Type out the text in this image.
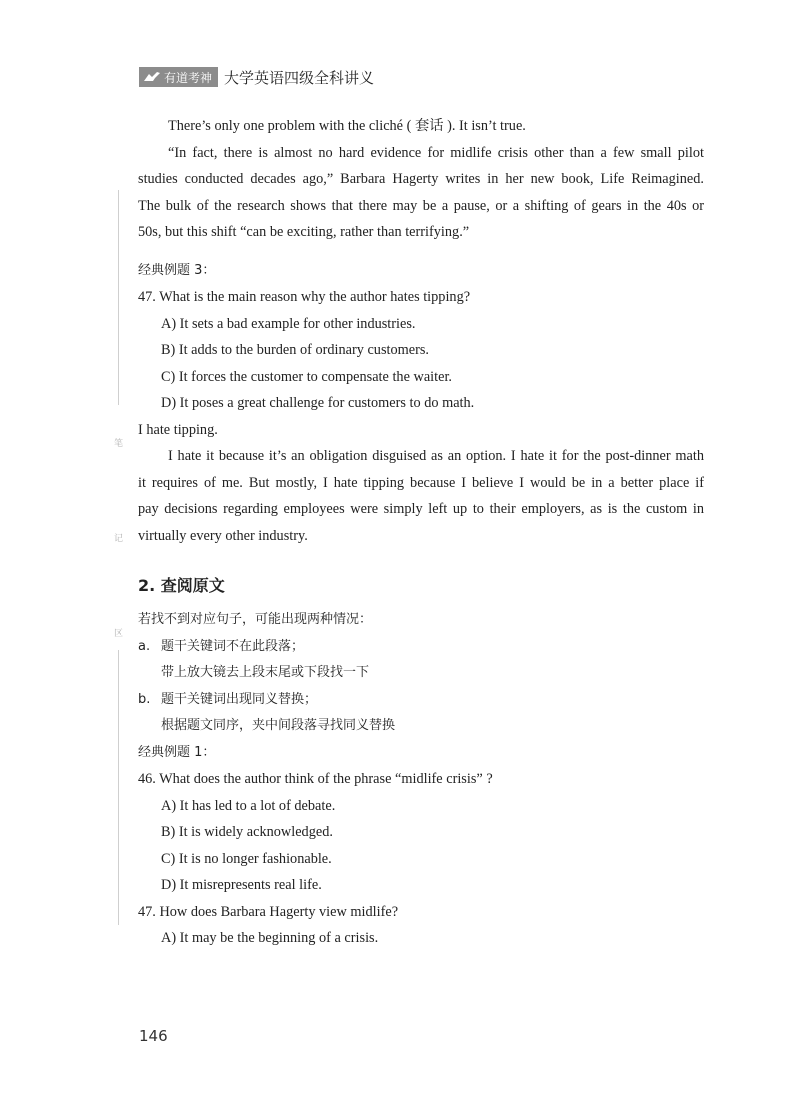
有道考神 大学英语四级全科讲义
笔
记
区
There’s only one problem with the cliché ( 套话 ). It isn’t true.
“In fact, there is almost no hard evidence for midlife crisis other than a few small pilot
studies conducted decades ago,” Barbara Hagerty writes in her new book, Life Reimagined.
The bulk of the research shows that there may be a pause, or a shifting of gears in the 40s or
50s, but this shift “can be exciting, rather than terrifying.”
经典例题 3：
47. What is the main reason why the author hates tipping?
A) It sets a bad example for other industries.
B) It adds to the burden of ordinary customers.
C) It forces the customer to compensate the waiter.
D) It poses a great challenge for customers to do math.
I hate tipping.
I hate it because it’s an obligation disguised as an option. I hate it for the post-dinner math
it requires of me. But mostly, I hate tipping because I believe I would be in a better place if
pay decisions regarding employees were simply left up to their employers, as is the custom in
virtually every other industry.
2. 查阅原文
若找不到对应句子，可能出现两种情况：
a. 题干关键词不在此段落；
带上放大镜去上段末尾或下段找一下
b. 题干关键词出现同义替换；
根据题文同序，夹中间段落寻找同义替换
经典例题 1：
46. What does the author think of the phrase “midlife crisis” ?
A) It has led to a lot of debate.
B) It is widely acknowledged.
C) It is no longer fashionable.
D) It misrepresents real life.
47. How does Barbara Hagerty view midlife?
A) It may be the beginning of a crisis.
146
